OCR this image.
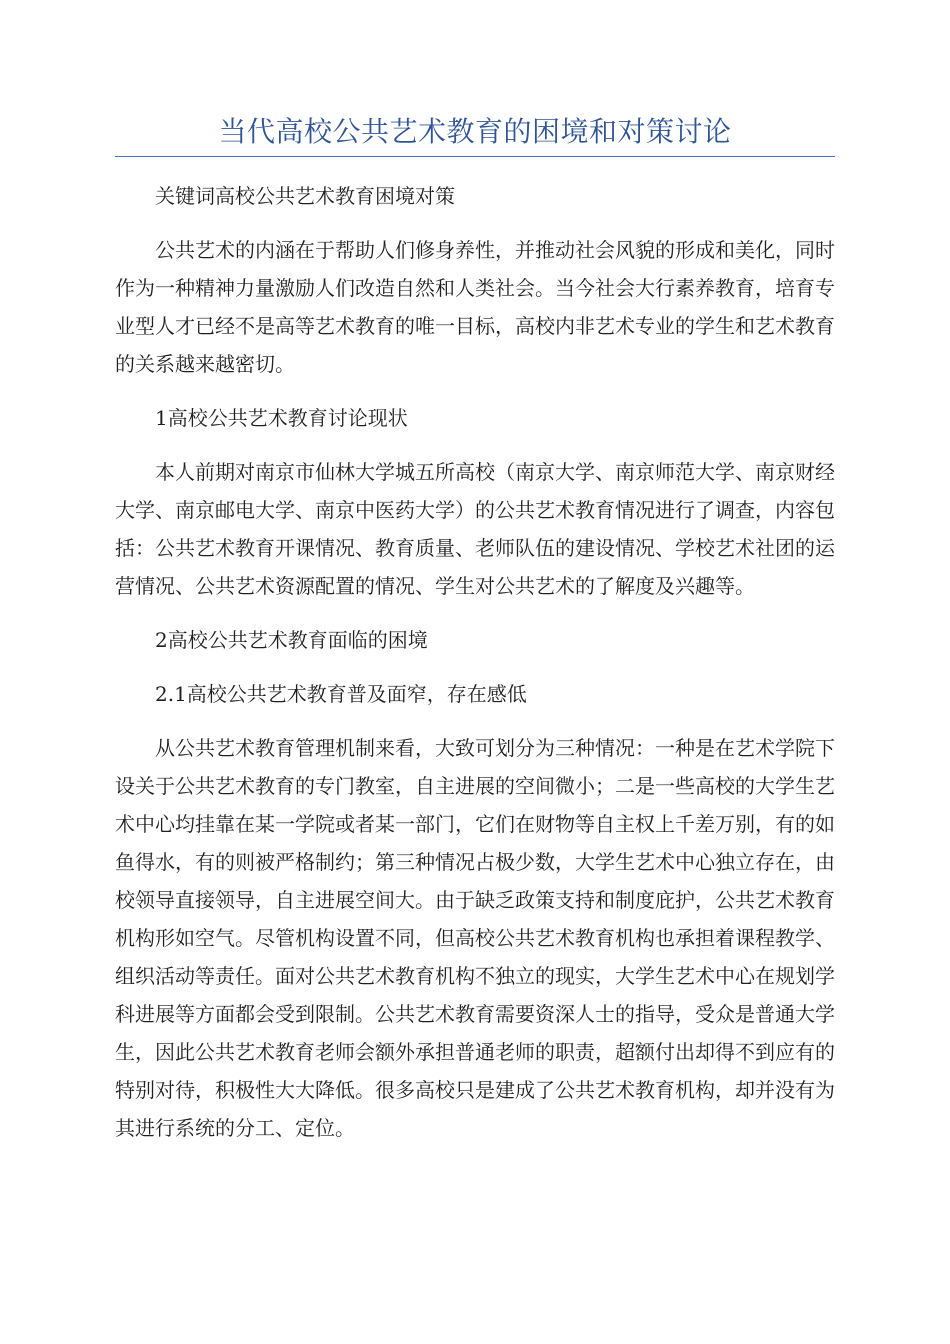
当代高校公共艺术教育的困境和对策讨论

关键词高校公共艺术教育困境对策

公共艺术的内涵在于帮助人们修身养性，并推动社会风貌的形成和美化，同时作为一种精神力量激励人们改造自然和人类社会。当今社会大行素养教育，培育专业型人才已经不是高等艺术教育的唯一目标，高校内非艺术专业的学生和艺术教育的关系越来越密切。

1高校公共艺术教育讨论现状

本人前期对南京市仙林大学城五所高校（南京大学、南京师范大学、南京财经大学、南京邮电大学、南京中医药大学）的公共艺术教育情况进行了调查，内容包括：公共艺术教育开课情况、教育质量、老师队伍的建设情况、学校艺术社团的运营情况、公共艺术资源配置的情况、学生对公共艺术的了解度及兴趣等。

2高校公共艺术教育面临的困境

2.1高校公共艺术教育普及面窄，存在感低

从公共艺术教育管理机制来看，大致可划分为三种情况：一种是在艺术学院下设关于公共艺术教育的专门教室，自主进展的空间微小；二是一些高校的大学生艺术中心均挂靠在某一学院或者某一部门，它们在财物等自主权上千差万别，有的如鱼得水，有的则被严格制约；第三种情况占极少数，大学生艺术中心独立存在，由校领导直接领导，自主进展空间大。由于缺乏政策支持和制度庇护，公共艺术教育机构形如空气。尽管机构设置不同，但高校公共艺术教育机构也承担着课程教学、组织活动等责任。面对公共艺术教育机构不独立的现实，大学生艺术中心在规划学科进展等方面都会受到限制。公共艺术教育需要资深人士的指导，受众是普通大学生，因此公共艺术教育老师会额外承担普通老师的职责，超额付出却得不到应有的特别对待，积极性大大降低。很多高校只是建成了公共艺术教育机构，却并没有为其进行系统的分工、定位。
